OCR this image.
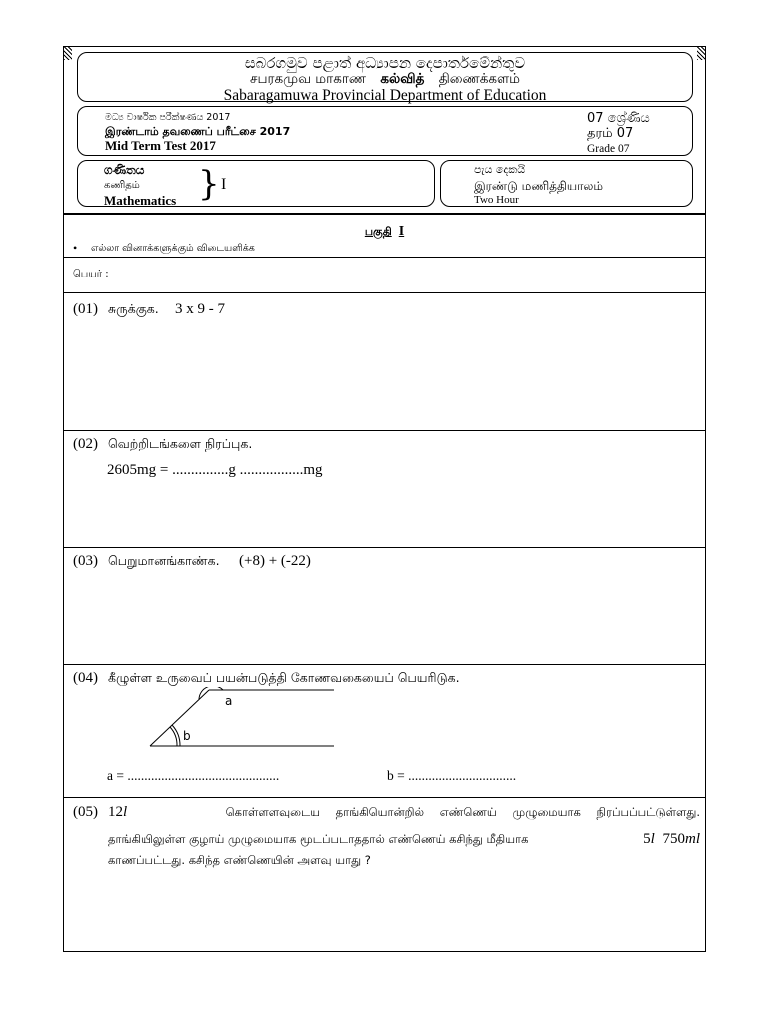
සබරගමුව පළාත් අධ්‍යාපන දෙපාර්තමේන්තුව
சபரகமுவ மாகாண கல்வித் திணைக்களம்
Sabaragamuwa Provincial Department of Education
මධ්‍ය වාර්ෂික පරීක්ෂණය 2017
இரண்டாம் தவணைப் பரீட்சை 2017
Mid Term Test 2017
07 ශ්‍රේණිය
தரம் 07
Grade 07
ගණිතය
கணிதம்
Mathematics } I
පැය දෙකයි
இரண்டு மணித்தியாலம்
Two Hour
பகுதி I
• எல்லா வினாக்களுக்கும் விடையளிக்க
பெயர் :
(01) சுருக்குக. 3 x 9 - 7
(02) வெற்றிடங்களை நிரப்புக.
2605mg = ...............g .................mg
(03) பெறுமானங்காண்க. (+8) + (-22)
(04) கீழுள்ள உருவைப் பயன்படுத்தி கோணவகையைப் பெயரிடுக.
a
b
a = .............................................	b = ................................
(05) 12l	கொள்ளளவுடைய தாங்கியொன்றில் எண்ணெய் முழுமையாக நிரப்பப்பட்டுள்ளது.
தாங்கியிலுள்ள குழாய் முழுமையாக மூடப்படாததால் எண்ணெய் கசிந்து மீதியாக	5l 750ml
காணப்பட்டது. கசிந்த எண்ணெயின் அளவு யாது ?
